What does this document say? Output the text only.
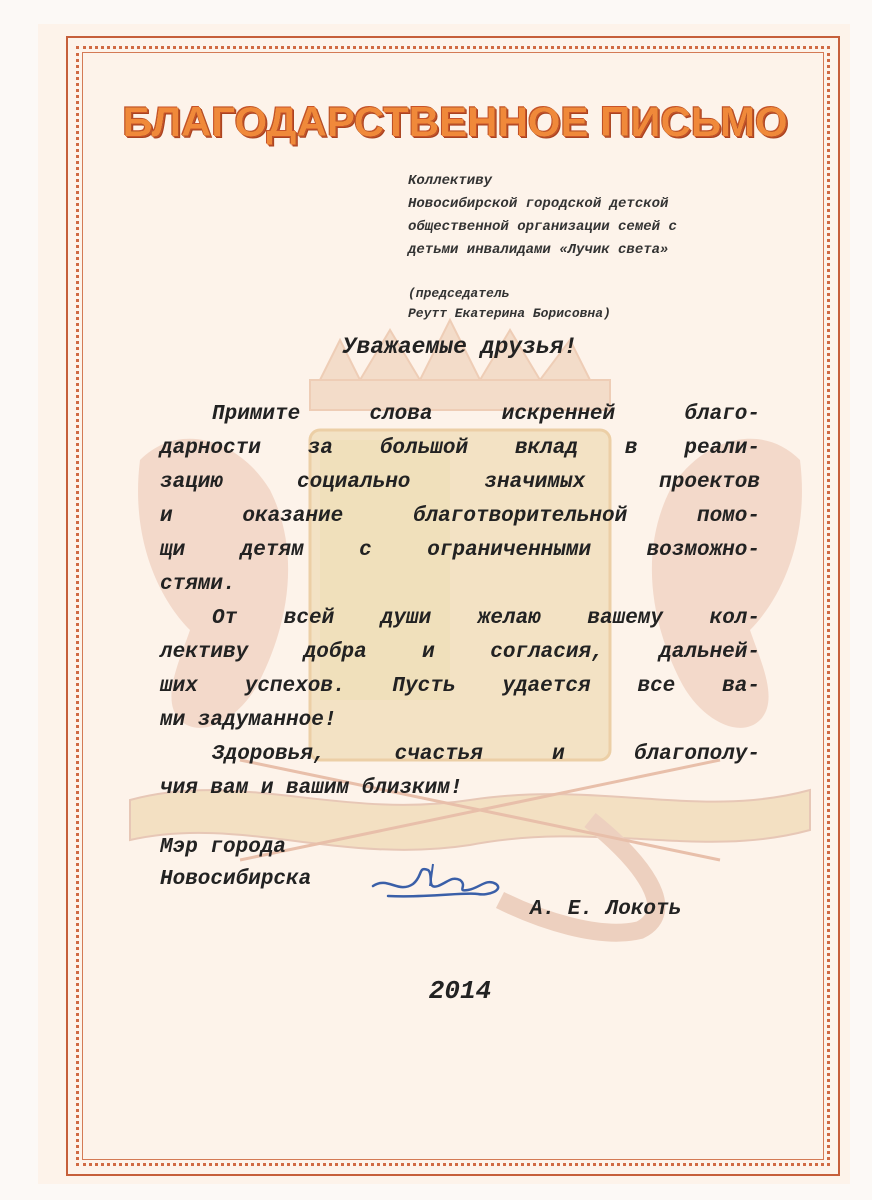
БЛАГОДАРСТВЕННОЕ ПИСЬМО
Коллективу
Новосибирской городской детской
общественной организации семей с
детьми инвалидами «Лучик света»
(председатель
Реутт Екатерина Борисовна)
Уважаемые друзья!
Примите слова искренней благо-
дарности за большой вклад в реали-
зацию социально значимых проектов
и оказание благотворительной помо-
щи детям с ограниченными возможно-
стями.
От всей души желаю вашему кол-
лективу добра и согласия, дальней-
ших успехов. Пусть удается все ва-
ми задуманное!
Здоровья, счастья и благополу-
чия вам и вашим близким!
Мэр города
Новосибирска
А. Е. Локоть
2014
